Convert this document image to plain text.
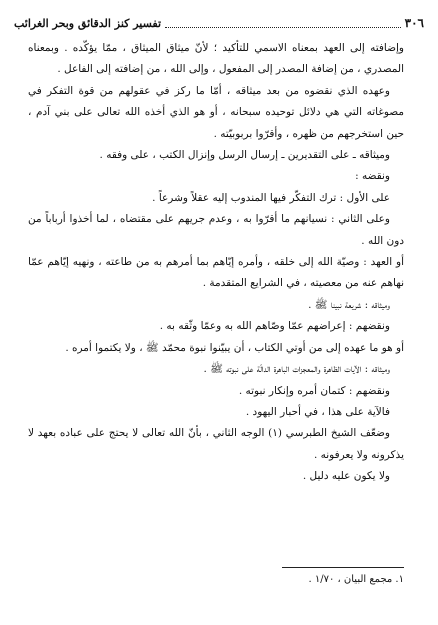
٣٠٦
تفسير كنز الدقائق وبحر الغرائب

وإضافته إلى العهد بمعناه الاسمي للتأكيد ؛ لأنّ ميثاق الميثاق ، ممّا يؤكّده . وبمعناه المصدري ، من إضافة المصدر إلى المفعول ، وإلى الله ، من إضافته إلى الفاعل .

وعهده الذي نقضوه من بعد ميثاقه ، أمّا ما ركز في عقولهم من قوة التفكر في مصوغاته التي هي دلائل توحيده سبحانه ، أو هو الذي أخذه الله تعالى على بني آدم ، حين استخرجهم من ظهره ، وأقرّوا بربوبيّته .

وميثاقه ـ على التقديرين ـ إرسال الرسل وإنزال الكتب ، على وفقه .

ونقضه :

على الأول : ترك التفكّر فيها المندوب إليه عقلاً وشرعاً .

وعلى الثاني : نسيانهم ما أقرّوا به ، وعدم جريهم على مقتضاه ، لما أخذوا أرباباً من دون الله .

أو العهد : وصيّة الله إلى خلقه ، وأمره إيّاهم بما أمرهم به من طاعته ، ونهيه إيّاهم عمّا نهاهم عنه من معصيته ، في الشرايع المتقدمة .

وميثاقه : شريعة نبينا ﷺ .

ونقضهم : إعراضهم عمّا وصّاهم الله به وعمّا وثّقه به .

أو هو ما عهده إلى من أوتي الكتاب ، أن يبيّنوا نبوة محمّد ﷺ ، ولا يكتموا أمره .

وميثاقه : الآيات الظاهرة والمعجزات الباهرة الدالّة على نبوته ﷺ .

ونقضهم : كتمان أمره وإنكار نبوته .

فالآية على هذا ، في أحبار اليهود .

وضعّف الشيخ الطبرسي (١) الوجه الثاني ، بأنّ الله تعالى لا يحتج على عباده بعهد لا يذكرونه ولا يعرفونه .

ولا يكون عليه دليل .

١. مجمع البيان ، ١/٧٠ .
